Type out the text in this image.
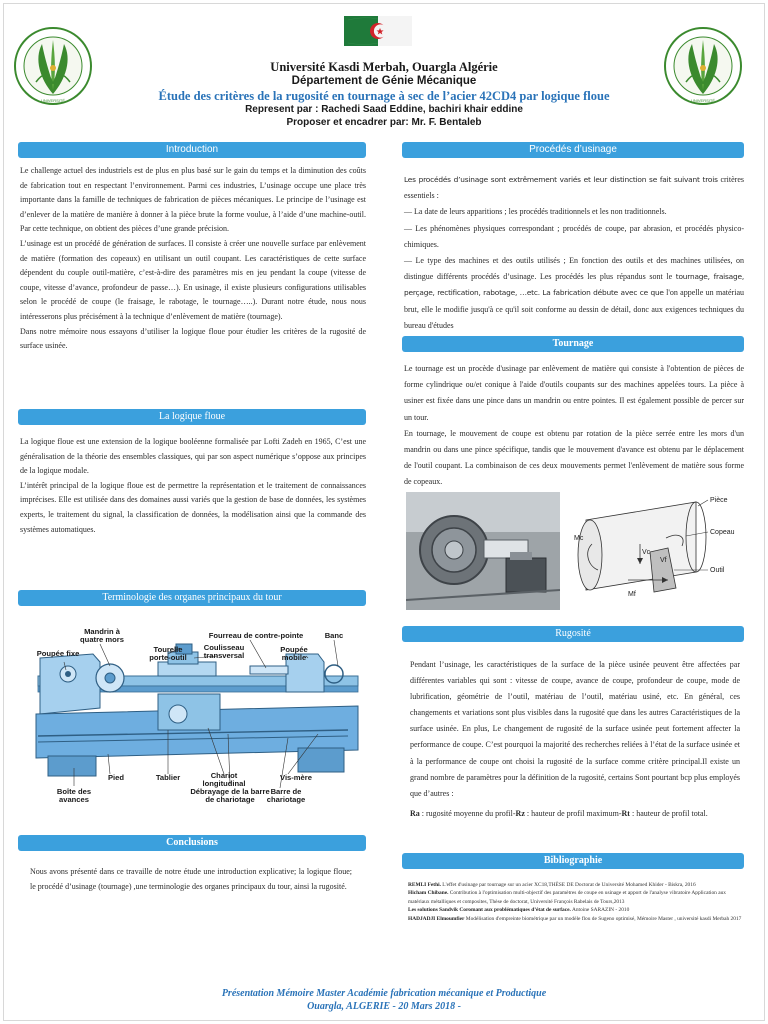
UNIVERSITÉ	UNIVERSITÉ
Université Kasdi Merbah, Ouargla Algérie
Département de Génie Mécanique
Étude des critères de la rugosité en tournage à sec de l’acier 42CD4 par logique floue
Represent par : Rachedi Saad Eddine, bachiri khair eddine
Proposer et encadrer par: Mr. F. Bentaleb
Introduction

Le challenge actuel des industriels est de plus en plus basé sur le gain du temps et la diminution des coûts de fabrication tout en respectant l’environnement. Parmi ces industries, L’usinage occupe une place très importante dans la famille de techniques de fabrication de pièces mécaniques. Le principe de l’usinage est d’enlever de la matière de manière à donner à la pièce brute la forme voulue, à l’aide d’une machine-outil. Par cette technique, on obtient des pièces d’une grande précision.

L’usinage est un procédé de génération de surfaces. Il consiste à créer une nouvelle surface par enlèvement de matière (formation des copeaux) en utilisant un outil coupant. Les caractéristiques de cette surface dépendent du couple outil-matière, c’est-à-dire des paramètres mis en jeu pendant la coupe (vitesse de coupe, vitesse d’avance, profondeur de passe…). En usinage, il existe plusieurs configurations utilisables selon le procédé de coupe (le fraisage, le rabotage, le tournage…..). Durant notre étude, nous nous intéresserons plus précisément à la technique d’enlèvement de matière (tournage).

Dans notre mémoire nous essayons d’utiliser la logique floue pour étudier les critères de la rugosité de surface usinée.

La logique floue

La logique floue est une extension de la logique booléenne formalisée par Lofti Zadeh en 1965, C’est une généralisation de la théorie des ensembles classiques, qui par son aspect numérique s’oppose aux principes de la logique modale.

L’intérêt principal de la logique floue est de permettre la représentation et le traitement de connaissances imprécises. Elle est utilisée dans des domaines aussi variés que la gestion de base de données, les systèmes experts, le traitement du signal, la classification de données, la modélisation ainsi que la commande des systèmes automatiques.

Terminologie des organes principaux du tour
Mandrin à
quatre mors
Poupée fixe	Tourelle
porte-outil
Fourreau de contre-pointe
Coulisseau
transversal
Poupée
mobile
Banc
Pied	Tablier	Chariot
longitudinal
Débrayage de la barre
de chariotage
Vis-mère
Boîte des
avances
Barre de
chariotage
Conclusions

Nous avons présenté dans ce travaille de notre étude une introduction explicative; la logique floue; le procédé d’usinage (tournage) ,une terminologie des organes principaux du tour, ainsi la rugosité.

Procédés d’usinage

Les procédés d’usinage sont extrêmement variés et leur distinction se fait suivant trois critères essentiels :

— La date de leurs apparitions ; les procédés traditionnels et les non traditionnels.

— Les phénomènes physiques correspondant ; procédés de coupe, par abrasion, et procédés physico-chimiques.

— Le type des machines et des outils utilisés ; En fonction des outils et des machines utilisées, on distingue différents procédés d’usinage. Les procédés les plus répandus sont le tournage, fraisage, perçage, rectification, rabotage, …etc. La fabrication débute avec ce que l'on appelle un matériau brut, elle le modifie jusqu'à ce qu'il soit conforme au dessin de détail, donc aux exigences techniques du bureau d'études

Tournage

Le tournage est un procède d'usinage par enlèvement de matière qui consiste à l'obtention de pièces de forme cylindrique ou/et conique à l'aide d'outils coupants sur des machines appelées tours. La pièce à usiner est fixée dans une pince dans un mandrin ou entre pointes. Il est également possible de percer sur un tour.

En tournage, le mouvement de coupe est obtenu par rotation de la pièce serrée entre les mors d'un mandrin ou dans une pince spécifique, tandis que le mouvement d'avance est obtenu par le déplacement de l'outil coupant. La combinaison de ces deux mouvements permet l'enlèvement de matière sous forme de copeaux.

Pièce
Copeau
Outil
Mc
Vc
Mf
Vf
Rugosité

Pendant l’usinage, les caractéristiques de la surface de la pièce usinée peuvent être affectées par différentes variables qui sont : vitesse de coupe, avance de coupe, profondeur de coupe, mode de lubrification, géométrie de l’outil, matériau de l’outil, matériau usiné, etc. En général, ces changements et variations sont plus visibles dans la rugosité que dans les autres Caractéristiques de la surface usinée. En plus, Le changement de rugosité de la surface usinée peut fortement affecter la performance de coupe. C’est pourquoi la majorité des recherches reliées à l’état de la surface usinée et à la performance de coupe ont choisi la rugosité de la surface comme critère principal.Il existe un grand nombre de paramètres pour la définition de la rugosité, certains Sont pourtant bcp plus employés que d’autres :

Ra : rugosité moyenne du profil-Rz : hauteur de profil maximum-Rt : hauteur de profil total.

Bibliographie
REMLI Fethi. L'effet d'usinage par tournage sur un acier XC18,THÈSE DE Doctorat de Université Mohamed Khider - Biskra, 2016
Hicham Chibane. Contribution à l'optimisation multi-objectif des paramètres de coupe en usinage et apport de l'analyse vibratoire Application aux matériaux métalliques et composites, Thèse de doctorat, Université François Rabelais de Tours,2013
Les solutions Sandvik Coromant aux problématiques d’état de surface. Antoine SARAZIN - 2010
HADJADJI Elmoumfier Modélisation d'empreinte biométrique par un modèle flou de Sugeno optimisé, Mémoire Master , université kasdi Merbah 2017
Présentation Mémoire Master Académie fabrication mécanique et Productique
Ouargla, ALGERIE - 20 Mars 2018 -
